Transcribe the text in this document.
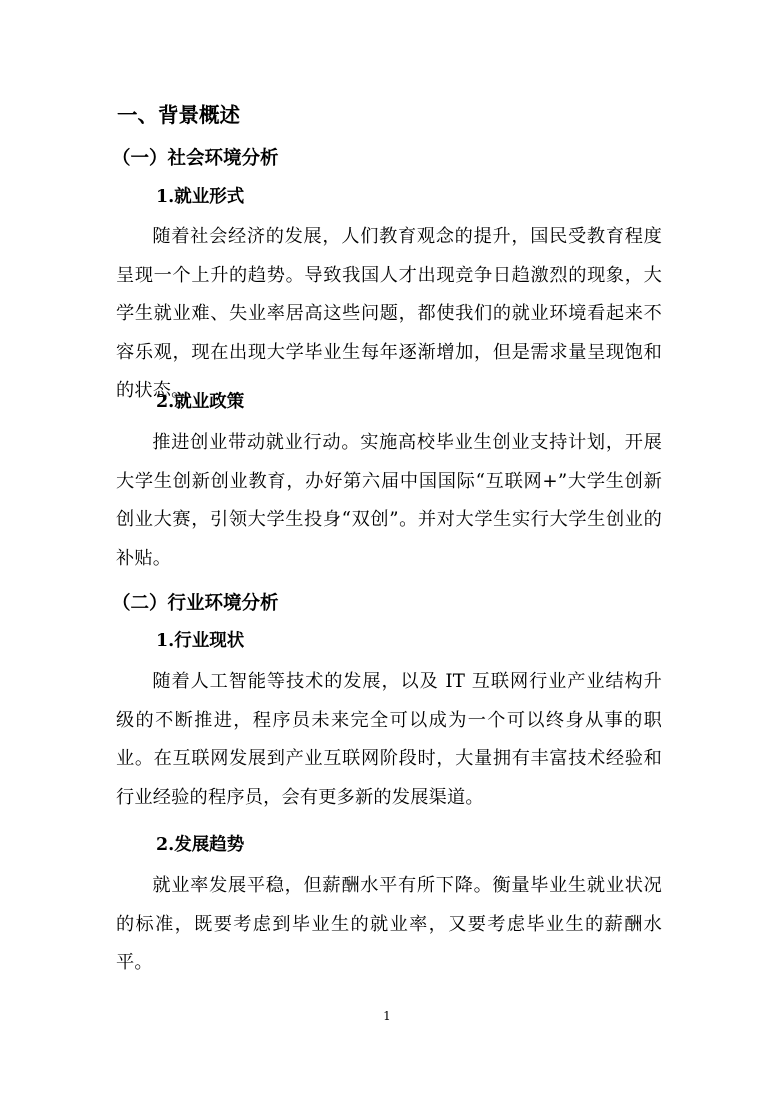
一、背景概述
（一）社会环境分析
1.就业形式

随着社会经济的发展，人们教育观念的提升，国民受教育程度呈现一个上升的趋势。导致我国人才出现竞争日趋激烈的现象，大学生就业难、失业率居高这些问题，都使我们的就业环境看起来不容乐观，现在出现大学毕业生每年逐渐增加，但是需求量呈现饱和的状态。

2.就业政策

推进创业带动就业行动。实施高校毕业生创业支持计划，开展大学生创新创业教育，办好第六届中国国际“互联网+”大学生创新创业大赛，引领大学生投身“双创”。并对大学生实行大学生创业的补贴。

（二）行业环境分析
1.行业现状

随着人工智能等技术的发展，以及 IT 互联网行业产业结构升级的不断推进，程序员未来完全可以成为一个可以终身从事的职业。在互联网发展到产业互联网阶段时，大量拥有丰富技术经验和行业经验的程序员，会有更多新的发展渠道。

2.发展趋势

就业率发展平稳，但薪酬水平有所下降。衡量毕业生就业状况的标准，既要考虑到毕业生的就业率，又要考虑毕业生的薪酬水平。

1
